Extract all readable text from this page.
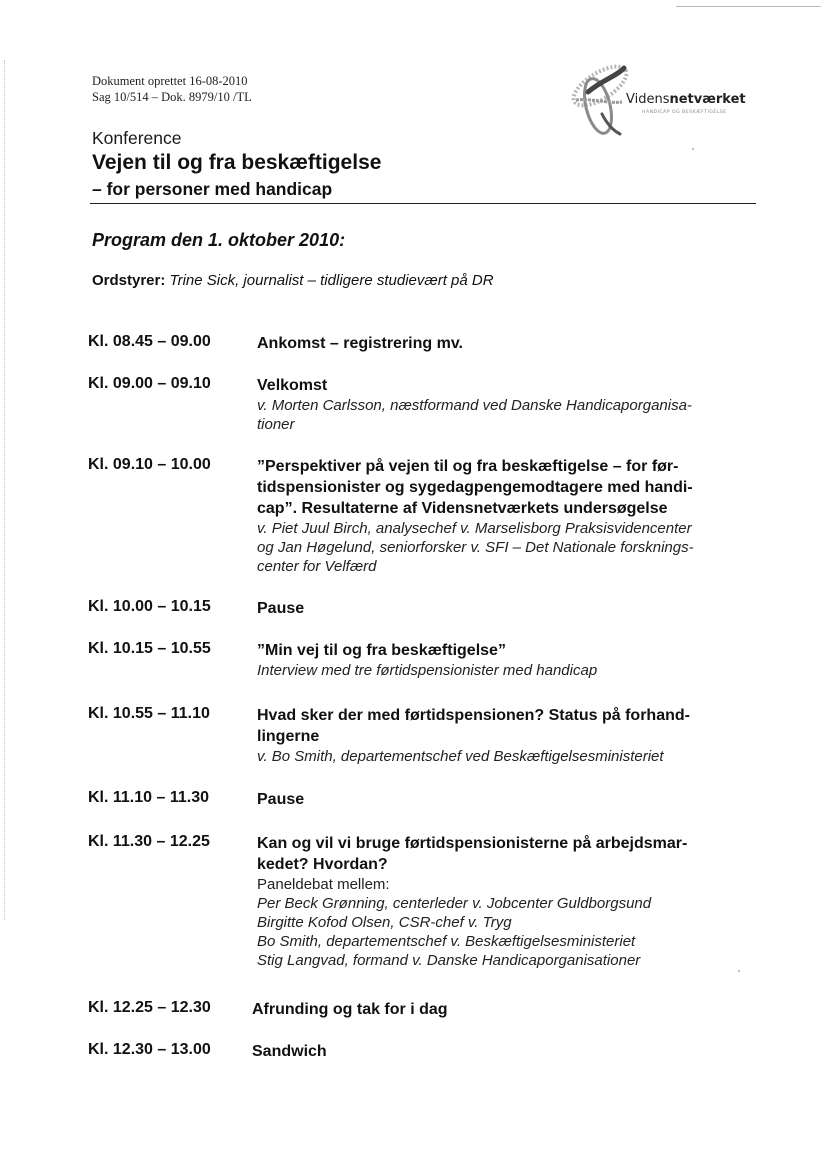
Dokument oprettet 16-08-2010
Sag 10/514 – Dok. 8979/10 /TL	Vidensnetværket
HANDICAP OG BESKÆFTIGELSE
Konference
Vejen til og fra beskæftigelse
– for personer med handicap
Program den 1. oktober 2010:
Ordstyrer: Trine Sick, journalist – tidligere studievært på DR
Kl. 08.45 – 09.00	Ankomst – registrering mv.
Kl. 09.00 – 09.10	Velkomst
v. Morten Carlsson, næstformand ved Danske Handicaporganisa-
tioner
Kl. 09.10 – 10.00	”Perspektiver på vejen til og fra beskæftigelse – for før-
tidspensionister og sygedagpengemodtagere med handi-
cap”. Resultaterne af Vidensnetværkets undersøgelse
v. Piet Juul Birch, analysechef v. Marselisborg Praksisvidencenter
og Jan Høgelund, seniorforsker v. SFI – Det Nationale forsknings-
center for Velfærd
Kl. 10.00 – 10.15	Pause
Kl. 10.15 – 10.55	”Min vej til og fra beskæftigelse”
Interview med tre førtidspensionister med handicap
Kl. 10.55 – 11.10	Hvad sker der med førtidspensionen? Status på forhand-
lingerne
v. Bo Smith, departementschef ved Beskæftigelsesministeriet
Kl. 11.10 – 11.30	Pause
Kl. 11.30 – 12.25	Kan og vil vi bruge førtidspensionisterne på arbejdsmar-
kedet? Hvordan?
Paneldebat mellem:
Per Beck Grønning, centerleder v. Jobcenter Guldborgsund
Birgitte Kofod Olsen, CSR-chef v. Tryg
Bo Smith, departementschef v. Beskæftigelsesministeriet
Stig Langvad, formand v. Danske Handicaporganisationer
Kl. 12.25 – 12.30	Afrunding og tak for i dag
Kl. 12.30 – 13.00	Sandwich
